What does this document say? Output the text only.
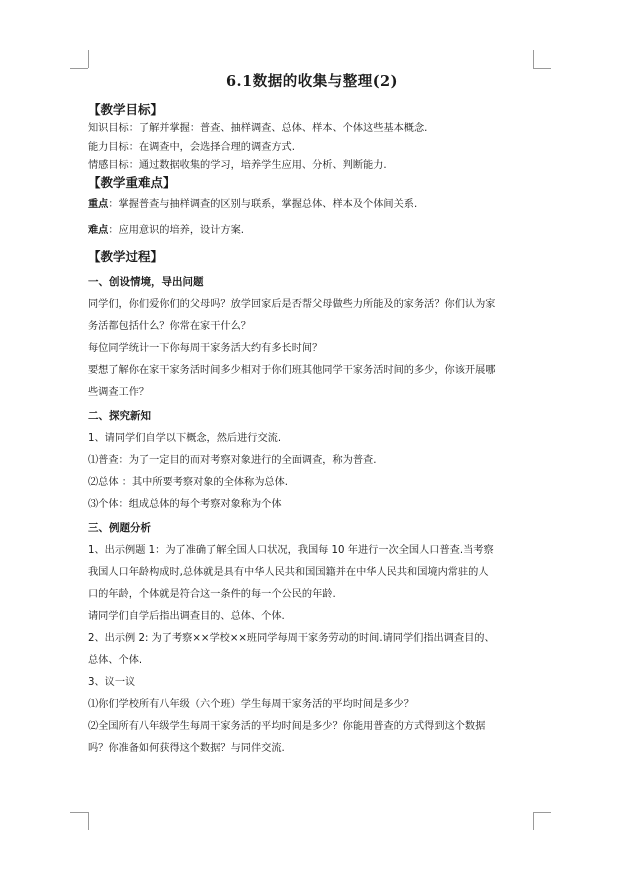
6.1数据的收集与整理(2)
【教学目标】
知识目标：了解并掌握：普查、抽样调查、总体、样本、个体这些基本概念.
能力目标：在调查中，会选择合理的调查方式.
情感目标：通过数据收集的学习，培养学生应用、分析、判断能力.
【教学重难点】
重点：掌握普查与抽样调查的区别与联系，掌握总体、样本及个体间关系.
难点：应用意识的培养，设计方案.
【教学过程】
一、创设情境，导出问题
同学们，你们爱你们的父母吗？放学回家后是否帮父母做些力所能及的家务活？你们认为家
务活都包括什么？你常在家干什么？
每位同学统计一下你每周干家务活大约有多长时间？
要想了解你在家干家务活时间多少相对于你们班其他同学干家务活时间的多少，你该开展哪
些调查工作？
二、探究新知
1、请同学们自学以下概念，然后进行交流.
⑴普查：为了一定目的而对考察对象进行的全面调查，称为普查.
⑵总体 ：其中所要考察对象的全体称为总体.
⑶个体：组成总体的每个考察对象称为个体
三、例题分析
1、出示例题 1：为了准确了解全国人口状况，我国每 10 年进行一次全国人口普查.当考察
我国人口年龄构成时,总体就是具有中华人民共和国国籍并在中华人民共和国境内常驻的人
口的年龄，个体就是符合这一条件的每一个公民的年龄.
请同学们自学后指出调查目的、总体、个体.
2、出示例 2: 为了考察××学校××班同学每周干家务劳动的时间.请同学们指出调查目的、
总体、个体.
3、议一议
⑴你们学校所有八年级（六个班）学生每周干家务活的平均时间是多少？
⑵全国所有八年级学生每周干家务活的平均时间是多少？你能用普查的方式得到这个数据
吗？你准备如何获得这个数据？与同伴交流.
